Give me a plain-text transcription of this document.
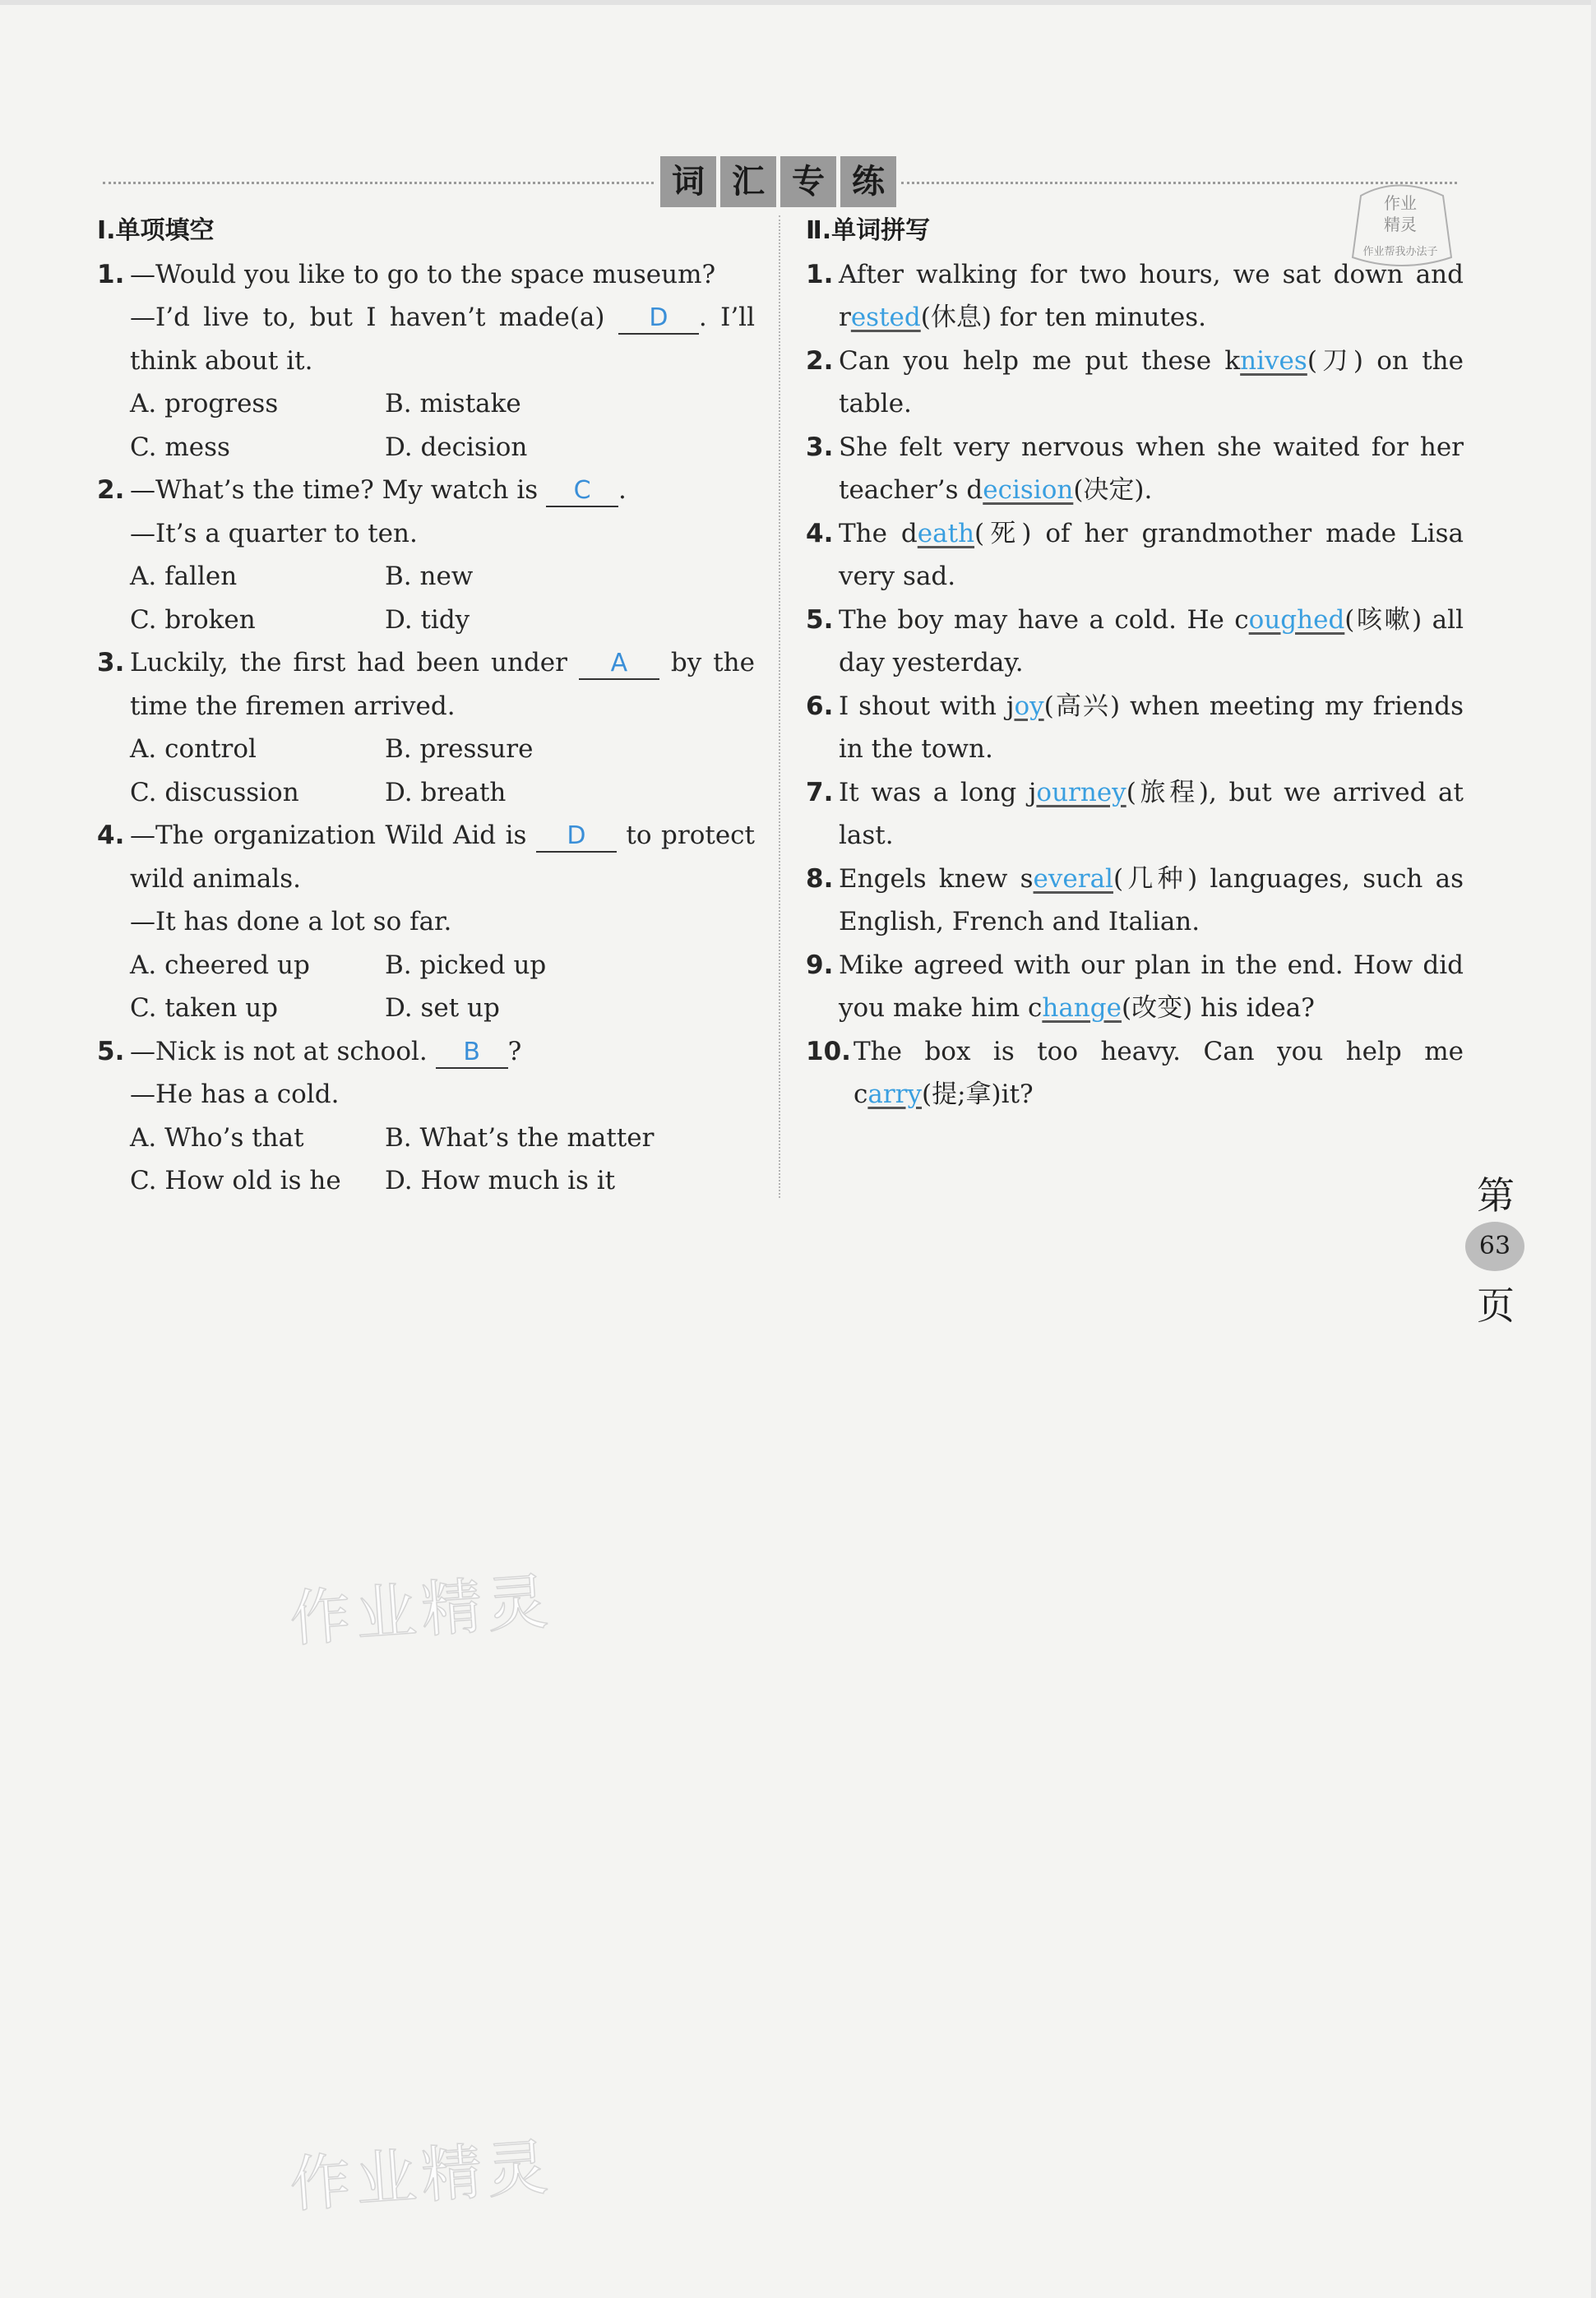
词 汇 专 练
作业
精灵
作业帮我办法子
Ⅰ.单项填空
1. —Would you like to go to the space museum?
—I’d live to, but I haven’t made(a) D . I’ll think about it.
A. progress	B. mistake
C. mess	D. decision
2. —What’s the time? My watch is C .
—It’s a quarter to ten.
A. fallen	B. new
C. broken	D. tidy
3. Luckily, the first had been under A by the time the firemen arrived.
A. control	B. pressure
C. discussion	D. breath
4. —The organization Wild Aid is D to protect wild animals.
—It has done a lot so far.
A. cheered up	B. picked up
C. taken up	D. set up
5. —Nick is not at school. B ?
—He has a cold.
A. Who’s that	B. What’s the matter
C. How old is he	D. How much is it
Ⅱ.单词拼写
1. After walking for two hours, we sat down and rested(休息) for ten minutes.
2. Can you help me put these knives(刀) on the table.
3. She felt very nervous when she waited for her teacher’s decision(决定).
4. The death(死) of her grandmother made Lisa very sad.
5. The boy may have a cold. He coughed(咳嗽) all day yesterday.
6. I shout with joy(高兴) when meeting my friends in the town.
7. It was a long journey(旅程), but we arrived at last.
8. Engels knew several(几种) languages, such as English, French and Italian.
9. Mike agreed with our plan in the end. How did you make him change(改变) his idea?
10. The box is too heavy. Can you help me carry(提;拿)it?
第
63
页
作业精灵
作业精灵
